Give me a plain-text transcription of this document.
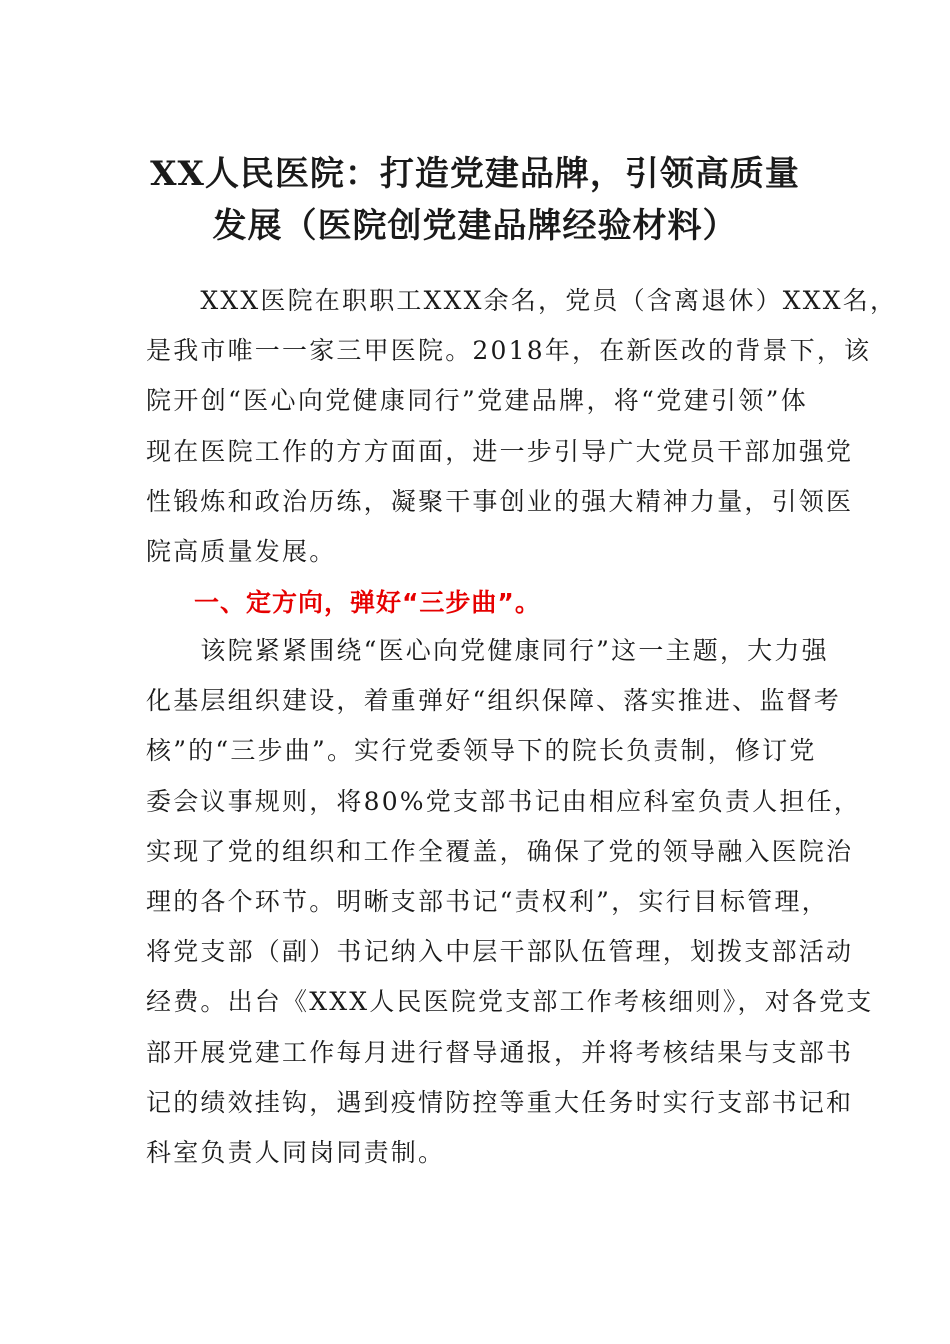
XX人民医院：打造党建品牌，引领高质量
发展（医院创党建品牌经验材料）

　　XXX医院在职职工XXX余名，党员（含离退休）XXX名，
是我市唯一一家三甲医院。2018年，在新医改的背景下，该
院开创“医心向党健康同行”党建品牌，将“党建引领”体
现在医院工作的方方面面，进一步引导广大党员干部加强党
性锻炼和政治历练，凝聚干事创业的强大精神力量，引领医
院高质量发展。

一、定方向，弹好“三步曲”。

　　该院紧紧围绕“医心向党健康同行”这一主题，大力强
化基层组织建设，着重弹好“组织保障、落实推进、监督考
核”的“三步曲”。实行党委领导下的院长负责制，修订党
委会议事规则，将80%党支部书记由相应科室负责人担任，
实现了党的组织和工作全覆盖，确保了党的领导融入医院治
理的各个环节。明晰支部书记“责权利”，实行目标管理，
将党支部（副）书记纳入中层干部队伍管理，划拨支部活动
经费。出台《XXX人民医院党支部工作考核细则》，对各党支
部开展党建工作每月进行督导通报，并将考核结果与支部书
记的绩效挂钩，遇到疫情防控等重大任务时实行支部书记和
科室负责人同岗同责制。
